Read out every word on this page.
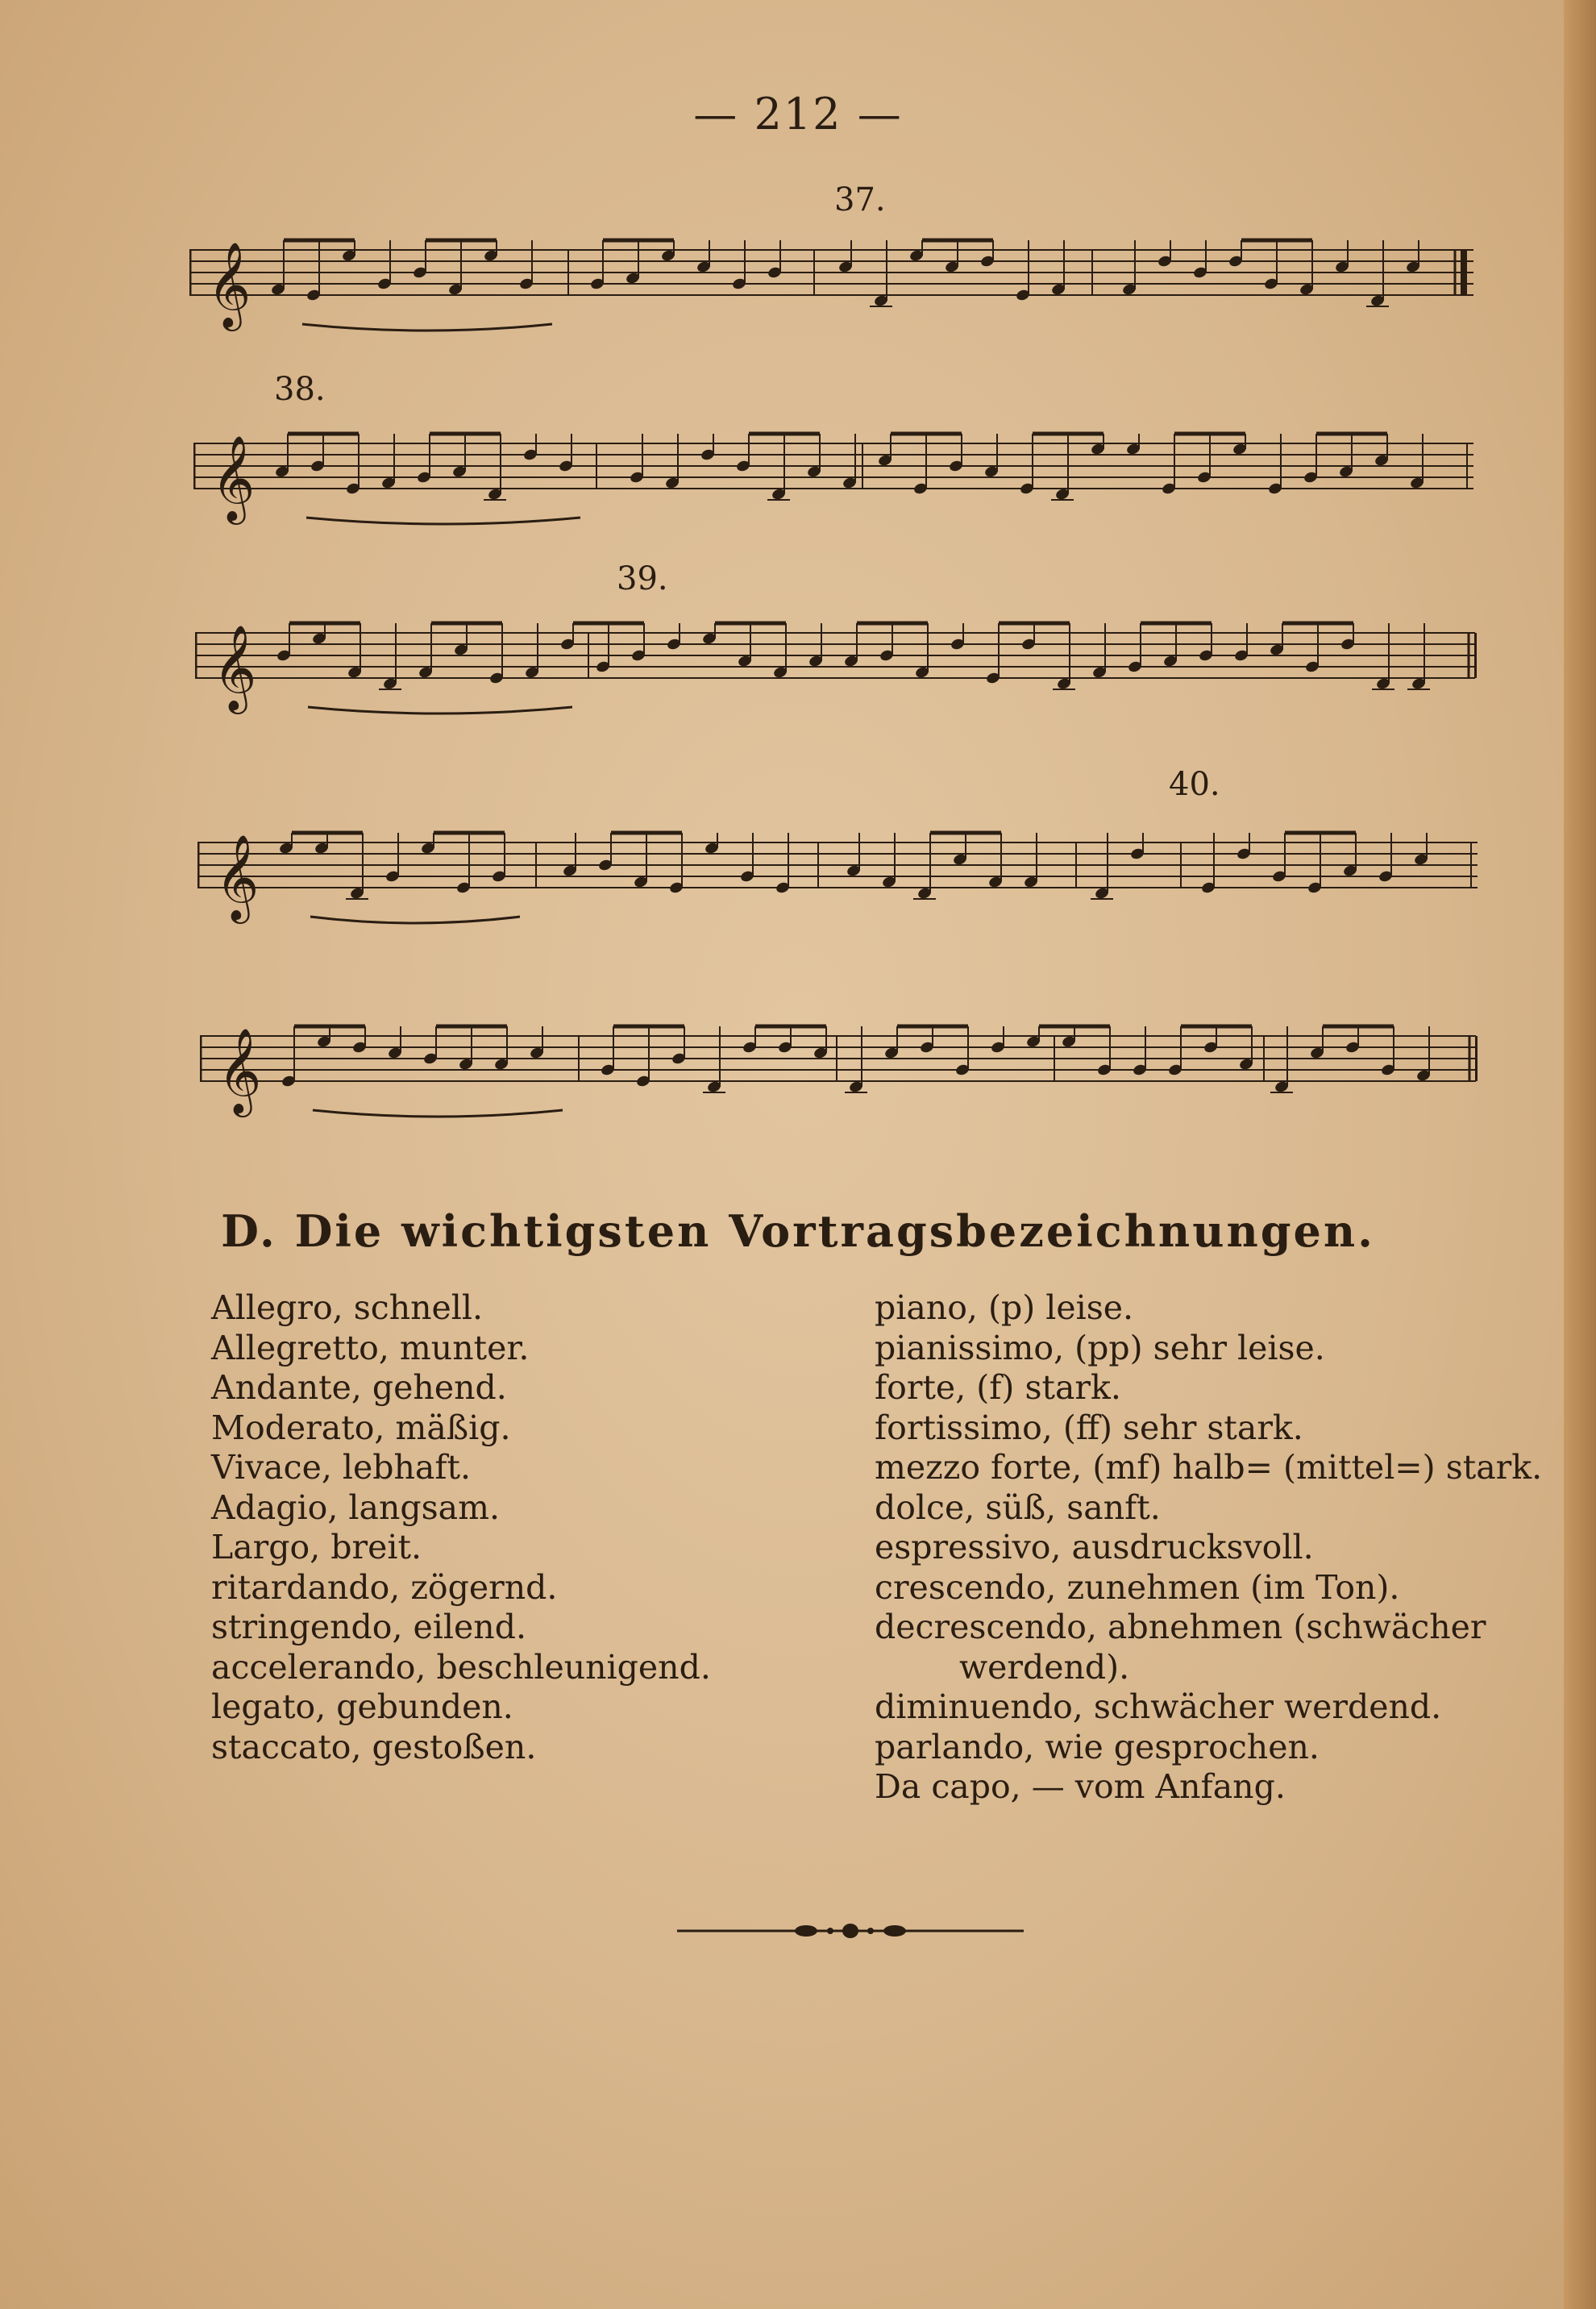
— 212 —
37.
38.
39.
40.
𝄞
𝄞
𝄞
𝄞
𝄞
D. Die wichtigsten Vortragsbezeichnungen.
Allegro, schnell.
Allegretto, munter.
Andante, gehend.
Moderato, mäßig.
Vivace, lebhaft.
Adagio, langsam.
Largo, breit.
ritardando, zögernd.
stringendo, eilend.
accelerando, beschleunigend.
legato, gebunden.
staccato, gestoßen.
piano, (p) leise.
pianissimo, (pp) sehr leise.
forte, (f) stark.
fortissimo, (ff) sehr stark.
mezzo forte, (mf) halb= (mittel=) stark.
dolce, süß, sanft.
espressivo, ausdrucksvoll.
crescendo, zunehmen (im Ton).
decrescendo, abnehmen (schwächer
werdend).
diminuendo, schwächer werdend.
parlando, wie gesprochen.
Da capo, — vom Anfang.
